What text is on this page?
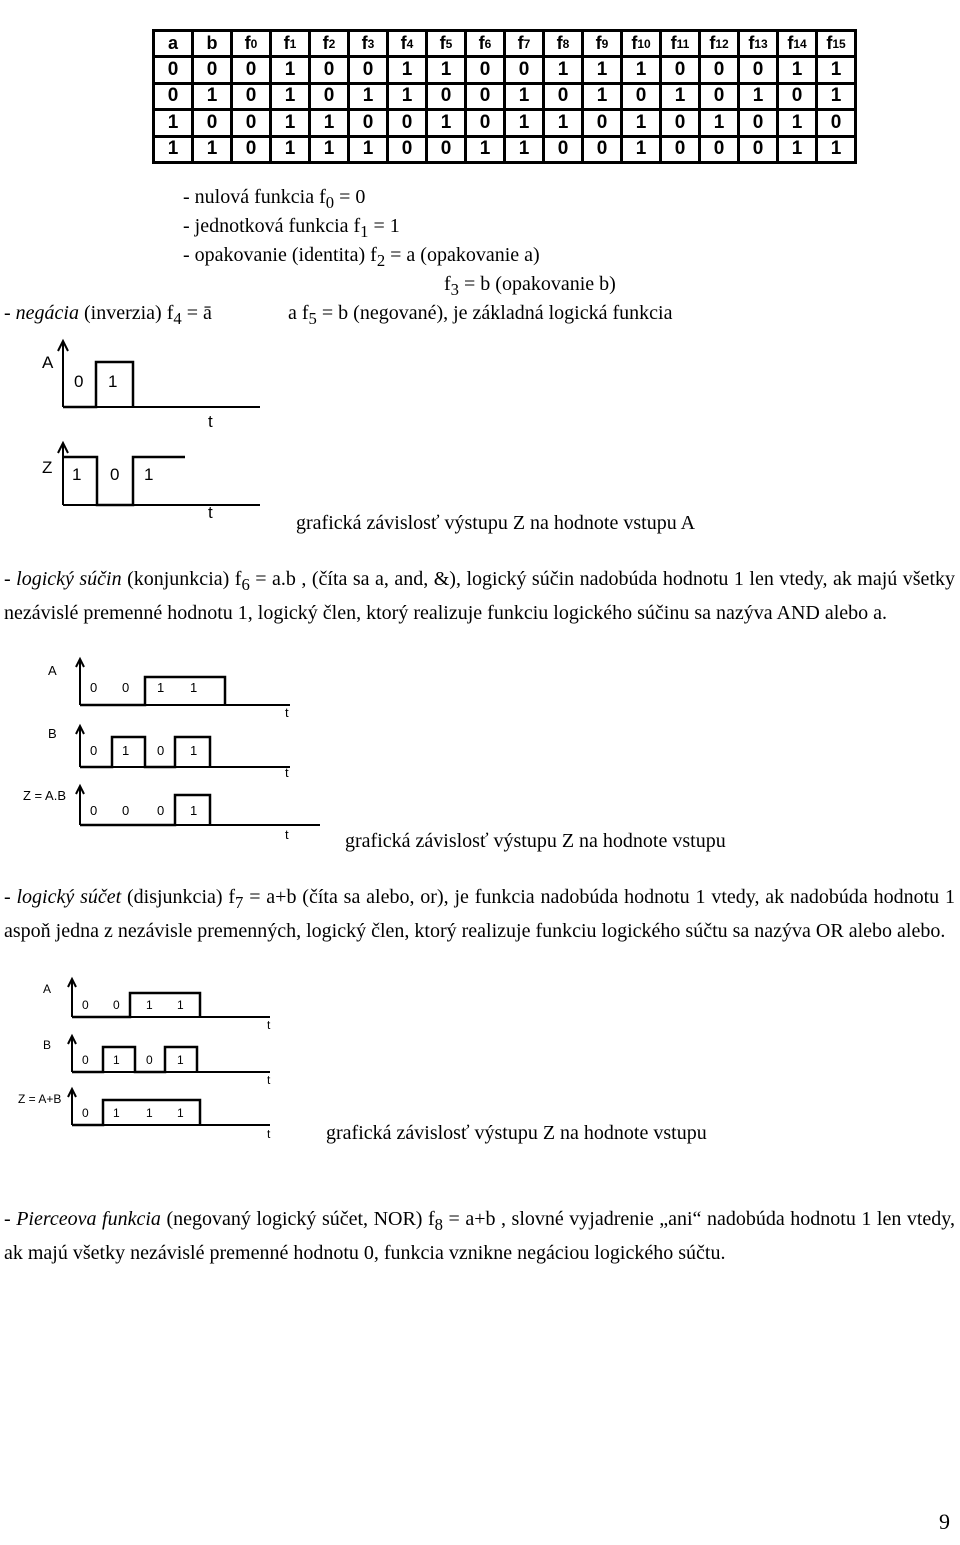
a b f 0 f 1 f 2 f 3 f 4 f 5 f 6 f 7 f 8 f 9 f 10 f 11 f 12 f 13 f 14 f 15
0	0	0	1	0	0	1	1	0	0	1	1	1	0	0	0	1	1
0	1	0	1	0	1	1	0	0	1	0	1	0	1	0	1	0	1
1	0	0	1	1	0	0	1	0	1	1	0	1	0	1	0	1	0
1	1	0	1	1	1	0	0	1	1	0	0	1	0	0	0	1	1
- nulová funkcia $f_0 = 0$
- jednotková funkcia $f_1 = 1$
- opakovanie (identita) $f_2 = a$ (opakovanie a)
$f_3 = b$ (opakovanie b)
- negácia (inverzia) $f_4$ = ā	a $f_5 = b$ (negované), je základná logická funkcia
A
0 1
t
Z 1 0 1
t	grafická závislosť výstupu Z na hodnote vstupu A
- logický súčin (konjunkcia) $f_6 = a.b$ , (číta sa a, and, &), logický súčin nadobúda hodnotu 1 len vtedy, ak majú všetky nezávislé premenné hodnotu 1, logický člen, ktorý realizuje funkciu logického súčinu sa nazýva AND alebo a.
A
0 0 1 1
t
B
0 1 0 1
t
Z = A.B
0 0 0 1
t	grafická závislosť výstupu Z na hodnote vstupu
- logický súčet (disjunkcia) $f_7 = a+b$ (číta sa alebo, or), je funkcia nadobúda hodnotu 1 vtedy, ak nadobúda hodnotu 1 aspoň jedna z nezávisle premenných, logický člen, ktorý realizuje funkciu logického súčtu sa nazýva OR alebo alebo.
A
0 0 1 1
t
B
0 1 0 1
t
Z = A+B
0 1 1 1
t	grafická závislosť výstupu Z na hodnote vstupu
- Pierceova funkcia (negovaný logický súčet, NOR) $f_8 = a+b$ , slovné vyjadrenie „ani“ nadobúda hodnotu 1 len vtedy, ak majú všetky nezávislé premenné hodnotu 0, funkcia vznikne negáciou logického súčtu.
9
